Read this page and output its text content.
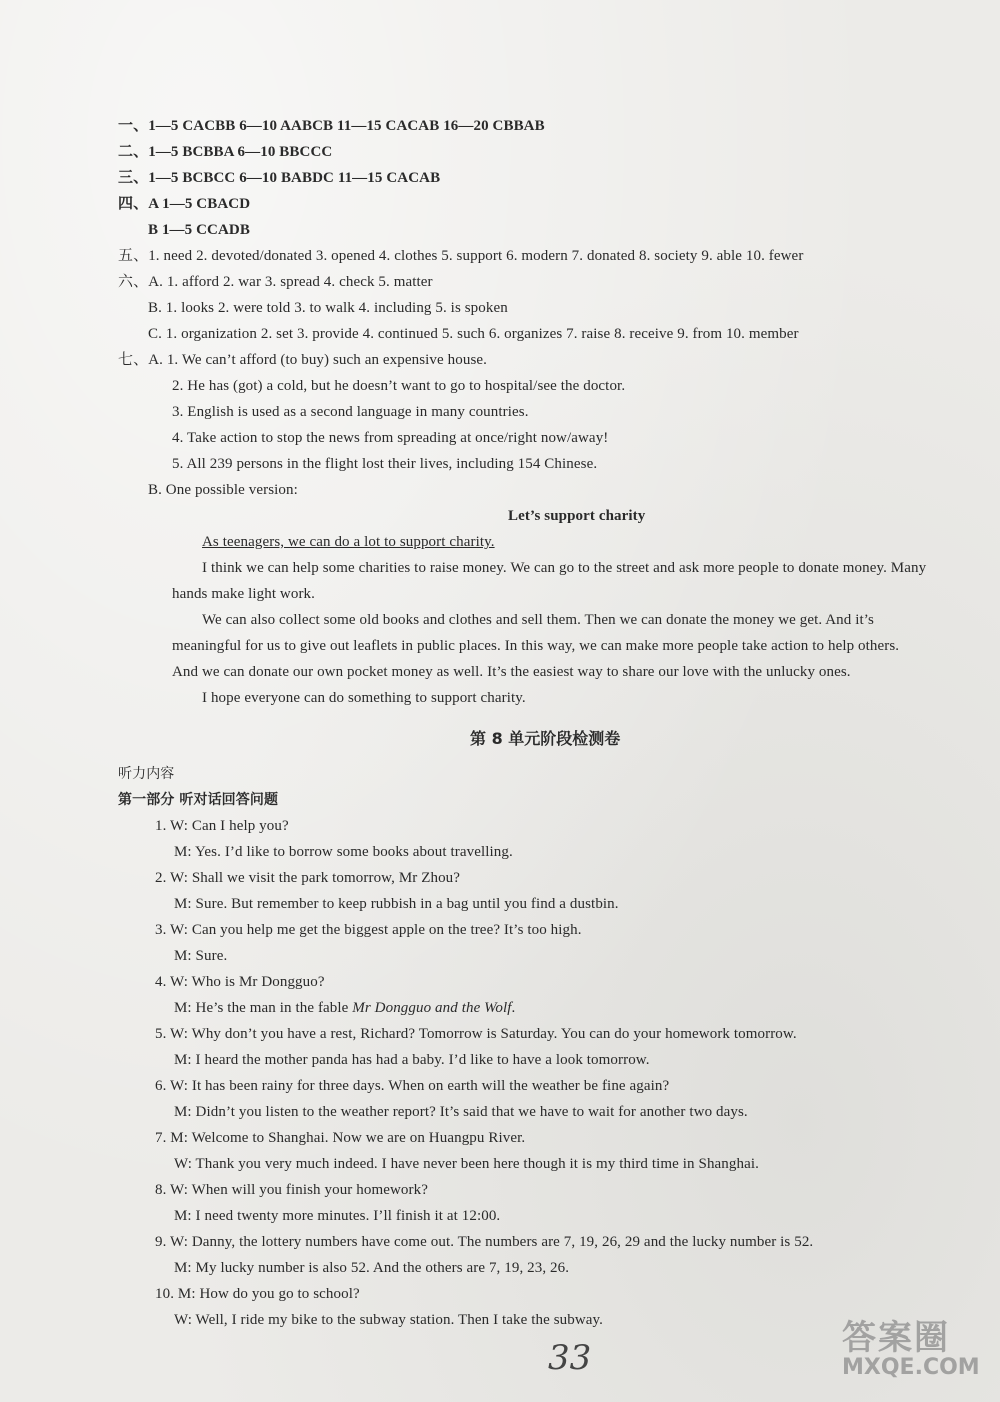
一、1—5 CACBB 6—10 AABCB 11—15 CACAB 16—20 CBBAB
二、1—5 BCBBA 6—10 BBCCC
三、1—5 BCBCC 6—10 BABDC 11—15 CACAB
四、A 1—5 CBACD
B 1—5 CCADB
五、1. need 2. devoted/donated 3. opened 4. clothes 5. support 6. modern 7. donated 8. society 9. able 10. fewer
六、A. 1. afford 2. war 3. spread 4. check 5. matter
B. 1. looks 2. were told 3. to walk 4. including 5. is spoken
C. 1. organization 2. set 3. provide 4. continued 5. such 6. organizes 7. raise 8. receive 9. from 10. member
七、A. 1. We can’t afford (to buy) such an expensive house.
2. He has (got) a cold, but he doesn’t want to go to hospital/see the doctor.
3. English is used as a second language in many countries.
4. Take action to stop the news from spreading at once/right now/away!
5. All 239 persons in the flight lost their lives, including 154 Chinese.
B. One possible version:
Let’s support charity
As teenagers, we can do a lot to support charity.
I think we can help some charities to raise money. We can go to the street and ask more people to donate money. Many
hands make light work.
We can also collect some old books and clothes and sell them. Then we can donate the money we get. And it’s
meaningful for us to give out leaflets in public places. In this way, we can make more people take action to help others.
And we can donate our own pocket money as well. It’s the easiest way to share our love with the unlucky ones.
I hope everyone can do something to support charity.
第 8 单元阶段检测卷
听力内容
第一部分 听对话回答问题
1. W: Can I help you?
M: Yes. I’d like to borrow some books about travelling.
2. W: Shall we visit the park tomorrow, Mr Zhou?
M: Sure. But remember to keep rubbish in a bag until you find a dustbin.
3. W: Can you help me get the biggest apple on the tree? It’s too high.
M: Sure.
4. W: Who is Mr Dongguo?
M: He’s the man in the fable Mr Dongguo and the Wolf.
5. W: Why don’t you have a rest, Richard? Tomorrow is Saturday. You can do your homework tomorrow.
M: I heard the mother panda has had a baby. I’d like to have a look tomorrow.
6. W: It has been rainy for three days. When on earth will the weather be fine again?
M: Didn’t you listen to the weather report? It’s said that we have to wait for another two days.
7. M: Welcome to Shanghai. Now we are on Huangpu River.
W: Thank you very much indeed. I have never been here though it is my third time in Shanghai.
8. W: When will you finish your homework?
M: I need twenty more minutes. I’ll finish it at 12:00.
9. W: Danny, the lottery numbers have come out. The numbers are 7, 19, 26, 29 and the lucky number is 52.
M: My lucky number is also 52. And the others are 7, 19, 23, 26.
10. M: How do you go to school?
W: Well, I ride my bike to the subway station. Then I take the subway.
33	答案圈
MXQE.COM
